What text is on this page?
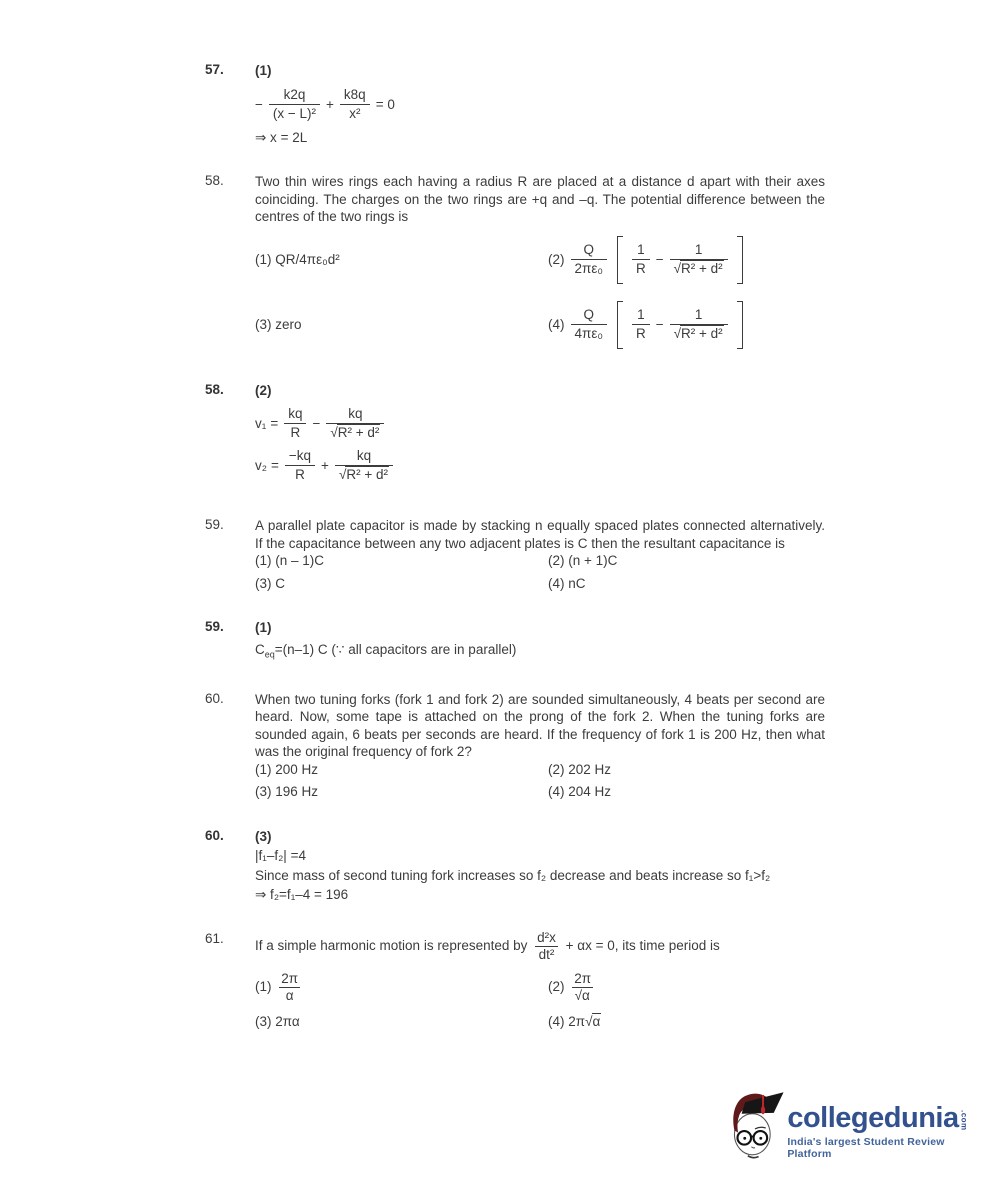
57.	(1)
− $\frac{k2q}{\text{(x − L)²}} + \frac{k8q}{\text{x²}} = 0$
⇒ x = 2L
58.	Two thin wires rings each having a radius R are placed at a distance d apart with their axes coinciding. The charges on the two rings are +q and –q. The potential difference between the centres of the two rings is
(1) QR/4πε₀d²	$(2) \frac{Q}{\text{2πε₀}} \frac{1}{R} - \frac{1}{\text{√R² + d²}}$
(3) zero	$(4) \frac{Q}{\text{4πε₀}} \frac{1}{R} - \frac{1}{\text{√R² + d²}}$
58.	(2)
$v_1 = \frac{kq}{R} - \frac{kq}{\text{√R² + d²}}$
$v_2 = \frac{-kq}{R} + \frac{kq}{\text{√R² + d²}}$
59.	A parallel plate capacitor is made by stacking n equally spaced plates connected alternatively. If the capacitance between any two adjacent plates is C then the resultant capacitance is
(1) (n – 1)C	(2) (n + 1)C
(3) C	(4) nC
59.	(1)
$C_{eq}=(n-1)$ C (∵ all capacitors are in parallel)
60.	When two tuning forks (fork 1 and fork 2) are sounded simultaneously, 4 beats per second are heard. Now, some tape is attached on the prong of the fork 2. When the tuning forks are sounded again, 6 beats per seconds are heard. If the frequency of fork 1 is 200 Hz, then what was the original frequency of fork 2?
(1) 200 Hz	(2) 202 Hz
(3) 196 Hz	(4) 204 Hz
60.	(3)
|f₁–f₂| =4
Since mass of second tuning fork increases so f₂ decrease and beats increase so f₁>f₂
⇒ f₂=f₁–4 = 196
61.	If a simple harmonic motion is represented by $\frac{\text{d²x}}{\text{dt²}} + \alpha x = 0$, its time period is
$(1) \frac{2\pi}{\alpha}$	$(2) \frac{2\pi}{√\alpha}$
(3) 2πα	(4) 2π√α
collegedunia .com
India's largest Student Review Platform
